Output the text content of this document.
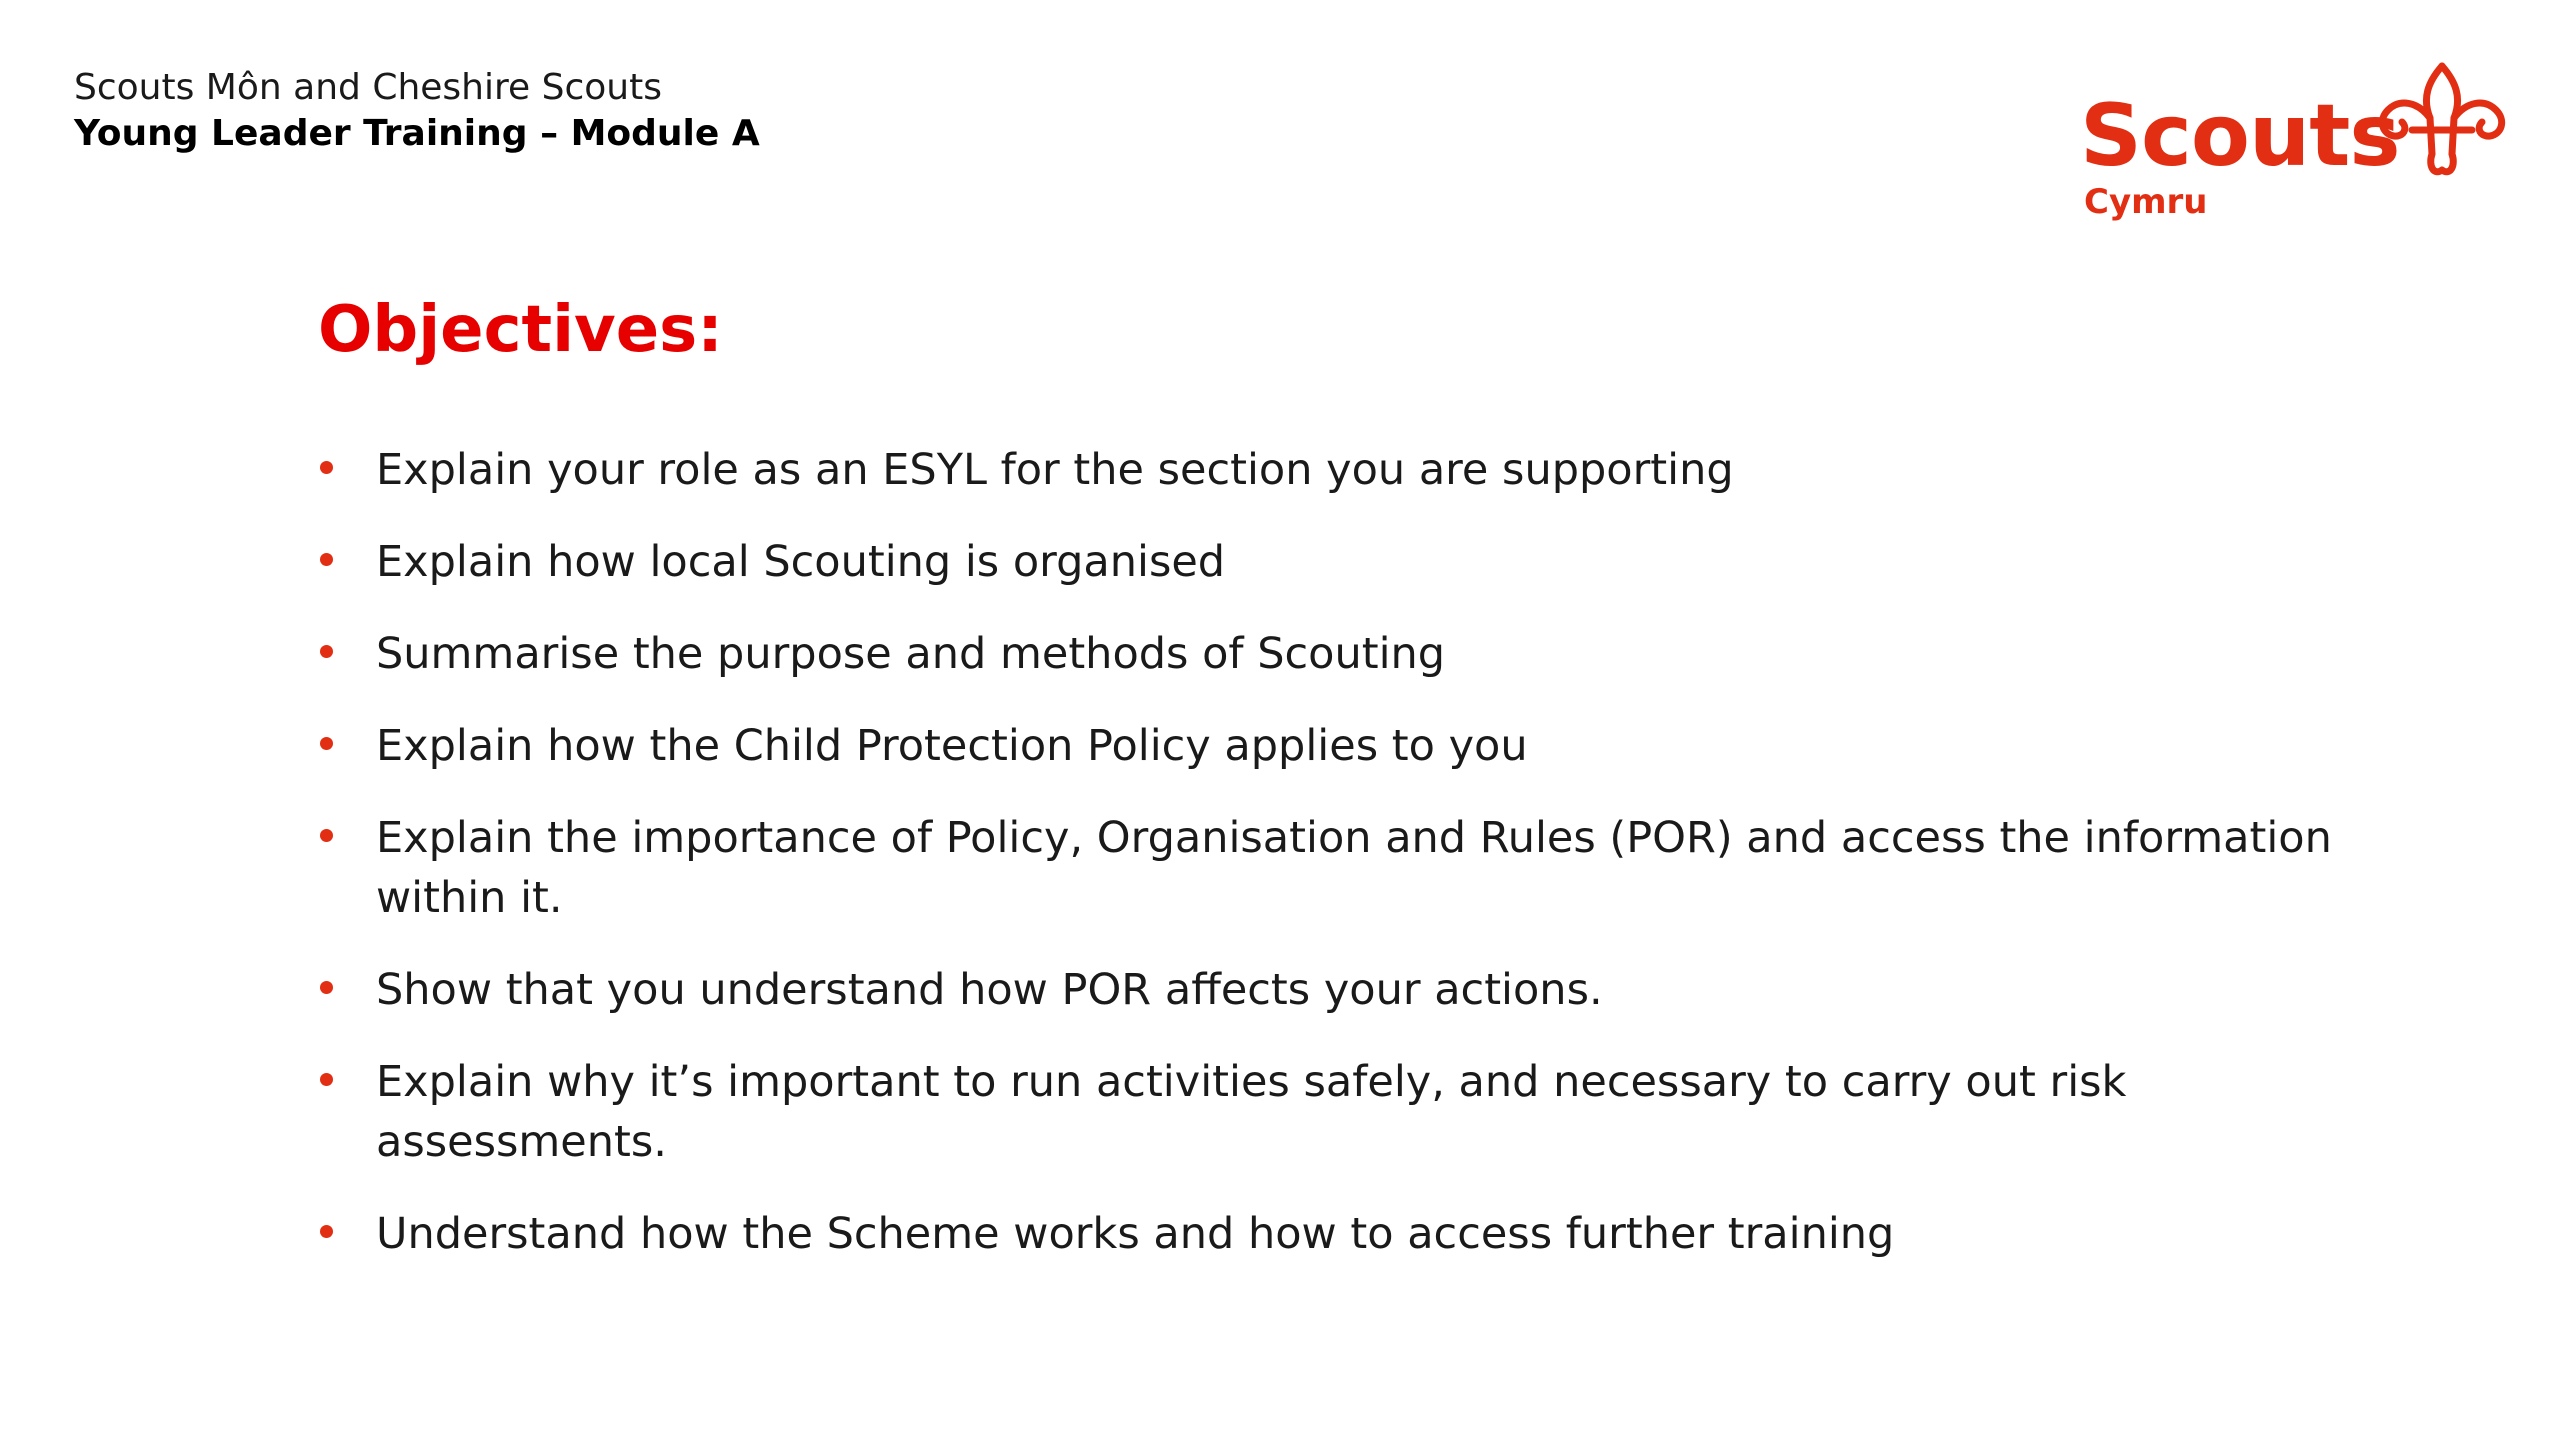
Scouts Môn and Cheshire Scouts
Young Leader Training – Module A	Scouts
Cymru
Objectives:
Explain your role as an ESYL for the section you are supporting
Explain how local Scouting is organised
Summarise the purpose and methods of Scouting
Explain how the Child Protection Policy applies to you
Explain the importance of Policy, Organisation and Rules (POR) and access the information within it.
Show that you understand how POR affects your actions.
Explain why it’s important to run activities safely, and necessary to carry out risk assessments.
Understand how the Scheme works and how to access further training
